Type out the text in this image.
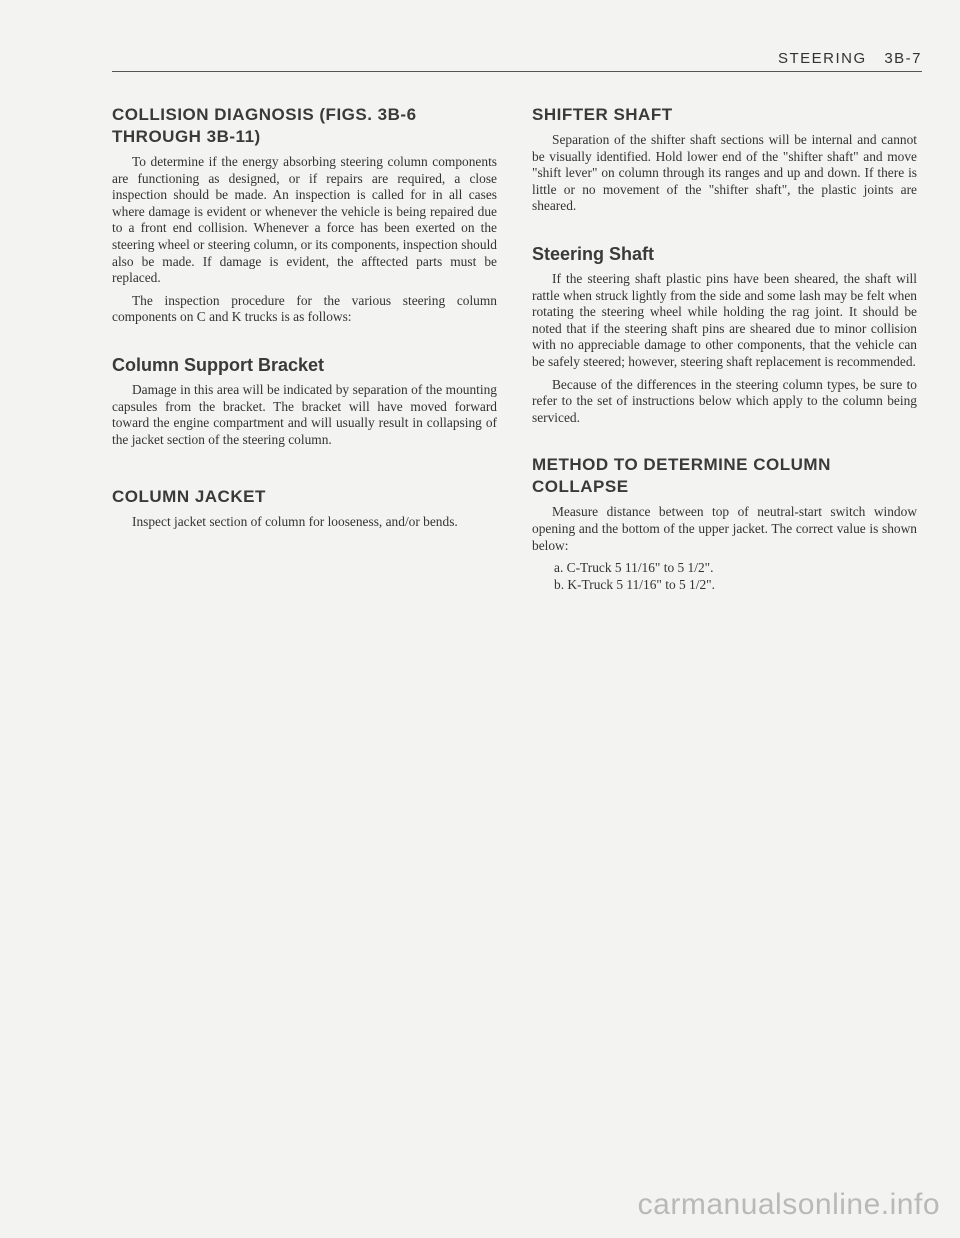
STEERING 3B-7
COLLISION DIAGNOSIS (FIGS. 3B-6 THROUGH 3B-11)

To determine if the energy absorbing steering column components are functioning as designed, or if repairs are required, a close inspection should be made. An inspection is called for in all cases where damage is evident or whenever the vehicle is being repaired due to a front end collision. Whenever a force has been exerted on the steering wheel or steering column, or its components, inspection should also be made. If damage is evident, the afftected parts must be replaced.

The inspection procedure for the various steering column components on C and K trucks is as follows:

Column Support Bracket

Damage in this area will be indicated by separation of the mounting capsules from the bracket. The bracket will have moved forward toward the engine compartment and will usually result in collapsing of the jacket section of the steering column.

COLUMN JACKET

Inspect jacket section of column for looseness, and/or bends.

SHIFTER SHAFT

Separation of the shifter shaft sections will be internal and cannot be visually identified. Hold lower end of the "shifter shaft" and move "shift lever" on column through its ranges and up and down. If there is little or no movement of the "shifter shaft", the plastic joints are sheared.

Steering Shaft

If the steering shaft plastic pins have been sheared, the shaft will rattle when struck lightly from the side and some lash may be felt when rotating the steering wheel while holding the rag joint. It should be noted that if the steering shaft pins are sheared due to minor collision with no appreciable damage to other components, that the vehicle can be safely steered; however, steering shaft replacement is recommended.

Because of the differences in the steering column types, be sure to refer to the set of instructions below which apply to the column being serviced.

METHOD TO DETERMINE COLUMN COLLAPSE

Measure distance between top of neutral-start switch window opening and the bottom of the upper jacket. The correct value is shown below:

a. C-Truck 5 11/16" to 5 1/2".
b. K-Truck 5 11/16" to 5 1/2".
carmanualsonline.info
